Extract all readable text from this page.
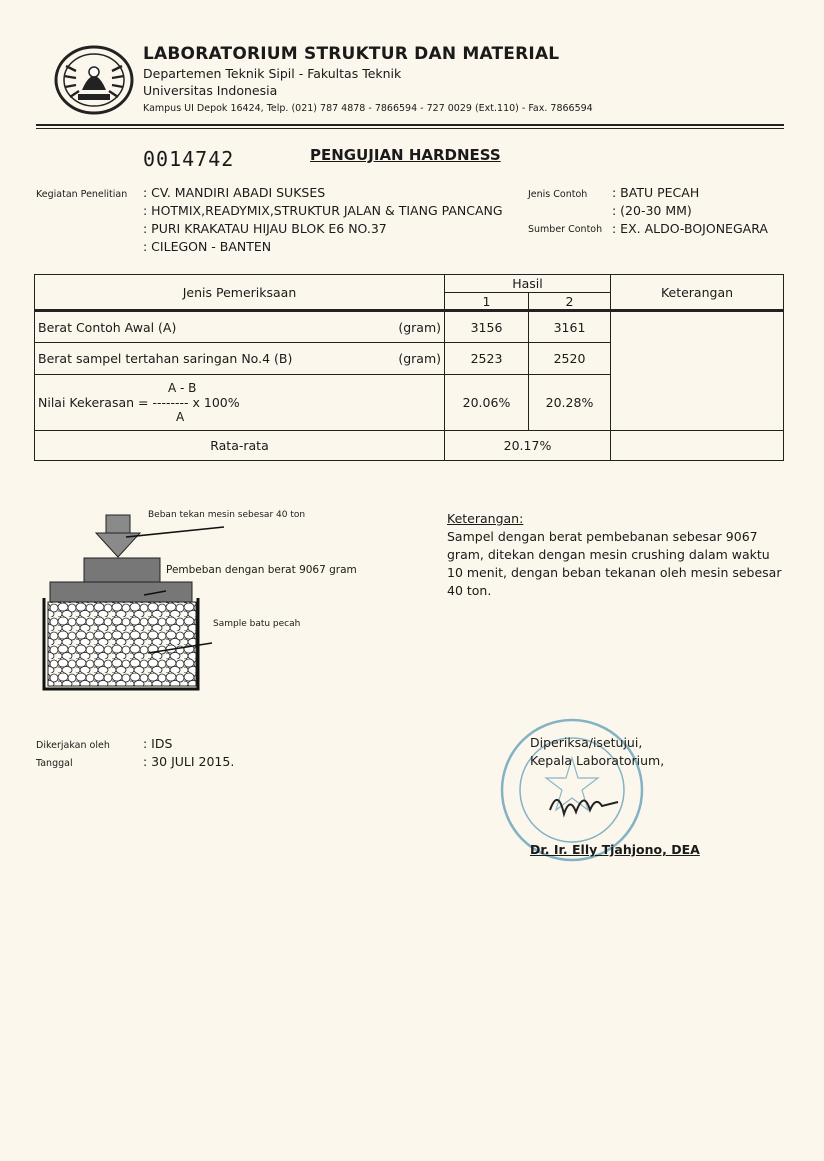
LABORATORIUM STRUKTUR DAN MATERIAL
Departemen Teknik Sipil - Fakultas Teknik
Universitas Indonesia
Kampus UI Depok 16424, Telp. (021) 787 4878 - 7866594 - 727 0029 (Ext.110) - Fax. 7866594
0014742	PENGUJIAN HARDNESS
Kegiatan Penelitian : CV. MANDIRI ABADI SUKSES
: HOTMIX,READYMIX,STRUKTUR JALAN & TIANG PANCANG
: PURI KRAKATAU HIJAU BLOK E6 NO.37
: CILEGON - BANTEN
Jenis Contoh : BATU PECAH
: (20-30 MM)
Sumber Contoh : EX. ALDO-BOJONEGARA
Jenis Pemeriksaan	Hasil		Keterangan
	1	2	
Berat Contoh Awal (A) (gram)	3156	3161	
Berat sampel tertahan saringan No.4 (B) (gram)	2523	2520	

A - B
Nilai Kekerasan = -------- x 100%
A	20.06%	20.28%	
Rata-rata	20.17%		
Beban tekan mesin sebesar 40 ton
Pembeban dengan berat 9067 gram
Sample batu pecah
Keterangan:
Sampel dengan berat pembebanan sebesar 9067
gram, ditekan dengan mesin crushing dalam waktu
10 menit, dengan beban tekanan oleh mesin sebesar
40 ton.
Dikerjakan oleh	: IDS
Tanggal	: 30 JULI 2015.
Diperiksa/isetujui,
Kepala Laboratorium,
Dr. Ir. Elly Tjahjono, DEA
